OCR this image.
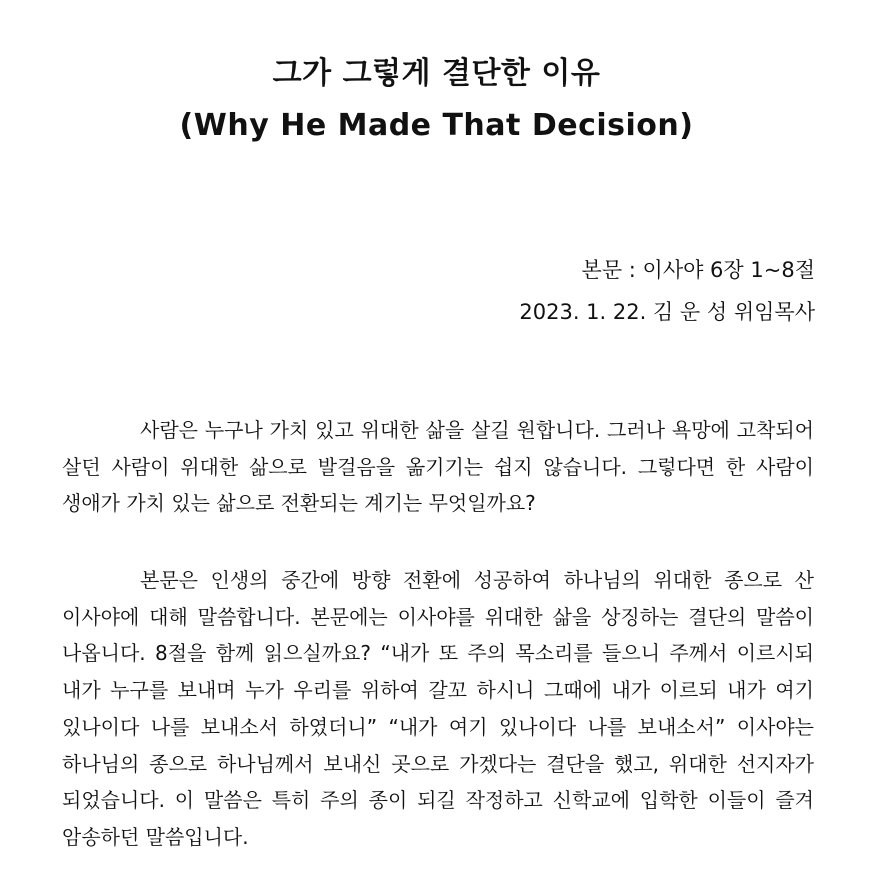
그가 그렇게 결단한 이유
(Why He Made That Decision)
본문 : 이사야 6장 1~8절
2023. 1. 22. 김 운 성 위임목사

사람은 누구나 가치 있고 위대한 삶을 살길 원합니다. 그러나 욕망에 고착되어 살던 사람이 위대한 삶으로 발걸음을 옮기기는 쉽지 않습니다. 그렇다면 한 사람이 생애가 가치 있는 삶으로 전환되는 계기는 무엇일까요?

본문은 인생의 중간에 방향 전환에 성공하여 하나님의 위대한 종으로 산 이사야에 대해 말씀합니다. 본문에는 이사야를 위대한 삶을 상징하는 결단의 말씀이 나옵니다. 8절을 함께 읽으실까요? “내가 또 주의 목소리를 들으니 주께서 이르시되 내가 누구를 보내며 누가 우리를 위하여 갈꼬 하시니 그때에 내가 이르되 내가 여기 있나이다 나를 보내소서 하였더니” “내가 여기 있나이다 나를 보내소서” 이사야는 하나님의 종으로 하나님께서 보내신 곳으로 가겠다는 결단을 했고, 위대한 선지자가 되었습니다. 이 말씀은 특히 주의 종이 되길 작정하고 신학교에 입학한 이들이 즐겨 암송하던 말씀입니다.
